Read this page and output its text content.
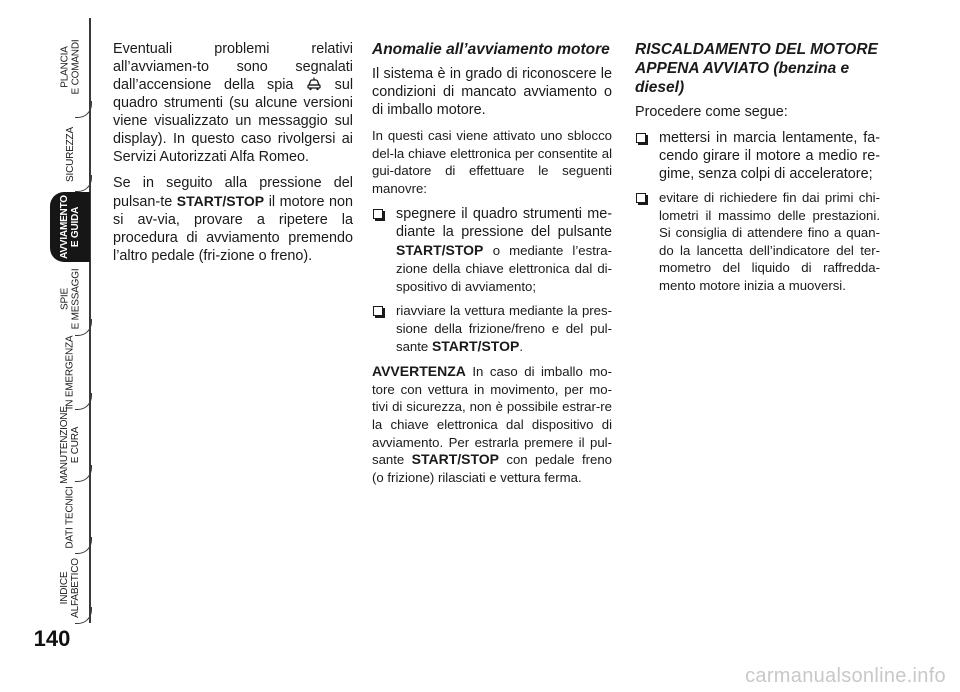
PLANCIA E COMANDI
SICUREZZA
AVVIAMENTO E GUIDA
SPIE E MESSAGGI
IN EMERGENZA
MANUTENZIONE E CURA
DATI TECNICI
INDICE ALFABETICO
140

Eventuali problemi relativi all’avviamen-to sono segnalati dall’accensione della spia	sul quadro strumenti (su alcune versioni viene visualizzato un messaggio sul display). In questo caso rivolgersi ai Servizi Autorizzati Alfa Romeo.

Se in seguito alla pressione del pulsan-te START/STOP il motore non si av-via, provare a ripetere la procedura di avviamento premendo l’altro pedale (fri-zione o freno).

Anomalie all’avviamento motore

Il sistema è in grado di riconoscere le condizioni di mancato avviamento o di imballo motore.

In questi casi viene attivato uno sblocco del-la chiave elettronica per consentite al gui-datore di effettuare le seguenti manovre:

spegnere il quadro strumenti me-diante la pressione del pulsante START/STOP o mediante l’estra-zione della chiave elettronica dal di-spositivo di avviamento;
riavviare la vettura mediante la pres-sione della frizione/freno e del pul-sante START/STOP.

AVVERTENZA In caso di imballo mo-tore con vettura in movimento, per mo-tivi di sicurezza, non è possibile estrar-re la chiave elettronica dal dispositivo di avviamento. Per estrarla premere il pul-sante START/STOP con pedale freno (o frizione) rilasciati e vettura ferma.

RISCALDAMENTO DEL MOTORE APPENA AVVIATO (benzina e diesel)

Procedere come segue:

mettersi in marcia lentamente, fa-cendo girare il motore a medio re-gime, senza colpi di acceleratore;
evitare di richiedere fin dai primi chi-lometri il massimo delle prestazioni. Si consiglia di attendere fino a quan-do la lancetta dell’indicatore del ter-mometro del liquido di raffredda-mento motore inizia a muoversi.
carmanualsonline.info
